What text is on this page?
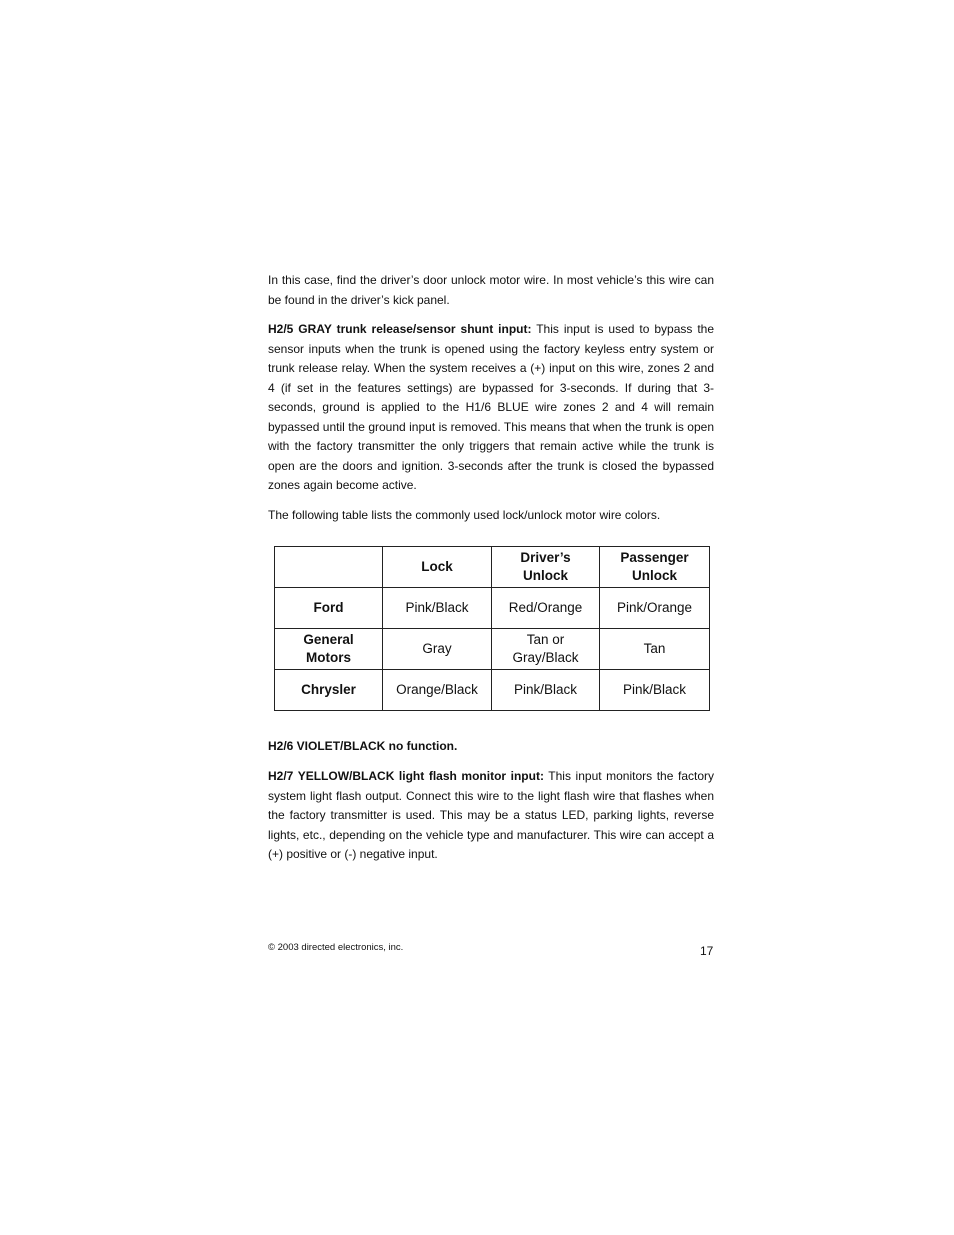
In this case, find the driver’s door unlock motor wire. In most vehicle’s this wire can be found in the driver’s kick panel.

H2/5 GRAY trunk release/sensor shunt input: This input is used to bypass the sensor inputs when the trunk is opened using the factory keyless entry system or trunk release relay. When the system receives a (+) input on this wire, zones 2 and 4 (if set in the features settings) are bypassed for 3-seconds. If during that 3-seconds, ground is applied to the H1/6 BLUE wire zones 2 and 4 will remain bypassed until the ground input is removed. This means that when the trunk is open with the factory transmitter the only triggers that remain active while the trunk is open are the doors and ignition. 3-seconds after the trunk is closed the bypassed zones again become active.

The following table lists the commonly used lock/unlock motor wire colors.

	Lock	Driver’s Unlock	Passenger Unlock
Ford	Pink/Black	Red/Orange	Pink/Orange
General Motors	Gray	Tan or Gray/Black	Tan
Chrysler	Orange/Black	Pink/Black	Pink/Black
H2/6 VIOLET/BLACK no function.

H2/7 YELLOW/BLACK light flash monitor input: This input monitors the factory system light flash output. Connect this wire to the light flash wire that flashes when the factory transmitter is used. This may be a status LED, parking lights, reverse lights, etc., depending on the vehicle type and manufacturer. This wire can accept a (+) positive or (-) negative input.

© 2003 directed electronics, inc.	17
